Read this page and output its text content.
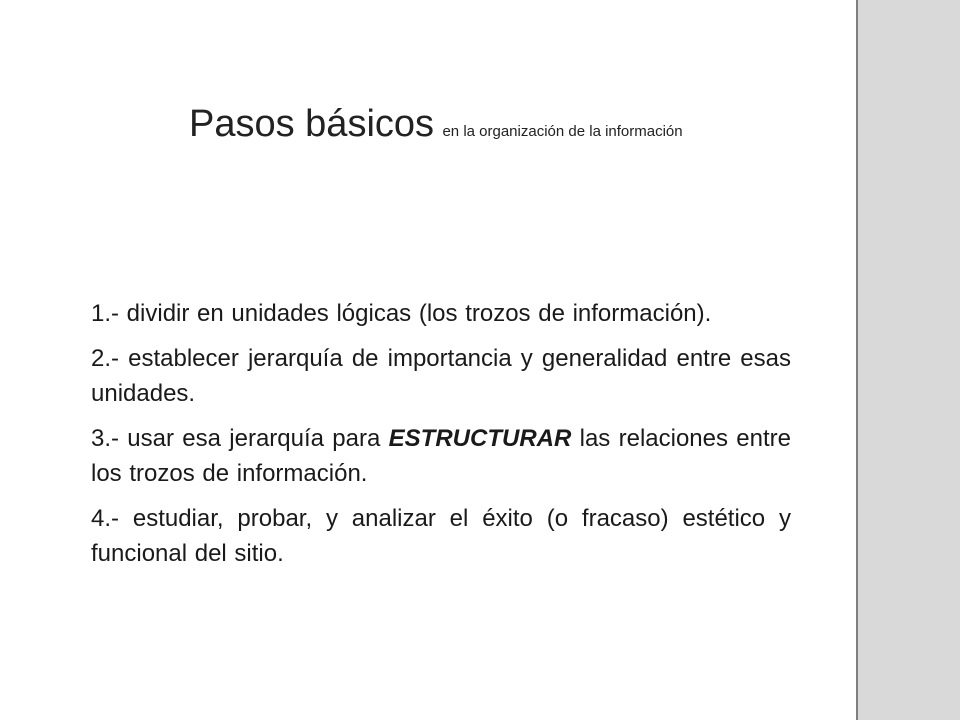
Pasos básicos en la organización de la información
1.- dividir en unidades lógicas (los trozos de información).
2.- establecer jerarquía de importancia y generalidad entre esas unidades.
3.- usar esa jerarquía para ESTRUCTURAR las relaciones entre los trozos de información.
4.- estudiar, probar, y analizar el éxito (o fracaso) estético y funcional del sitio.
